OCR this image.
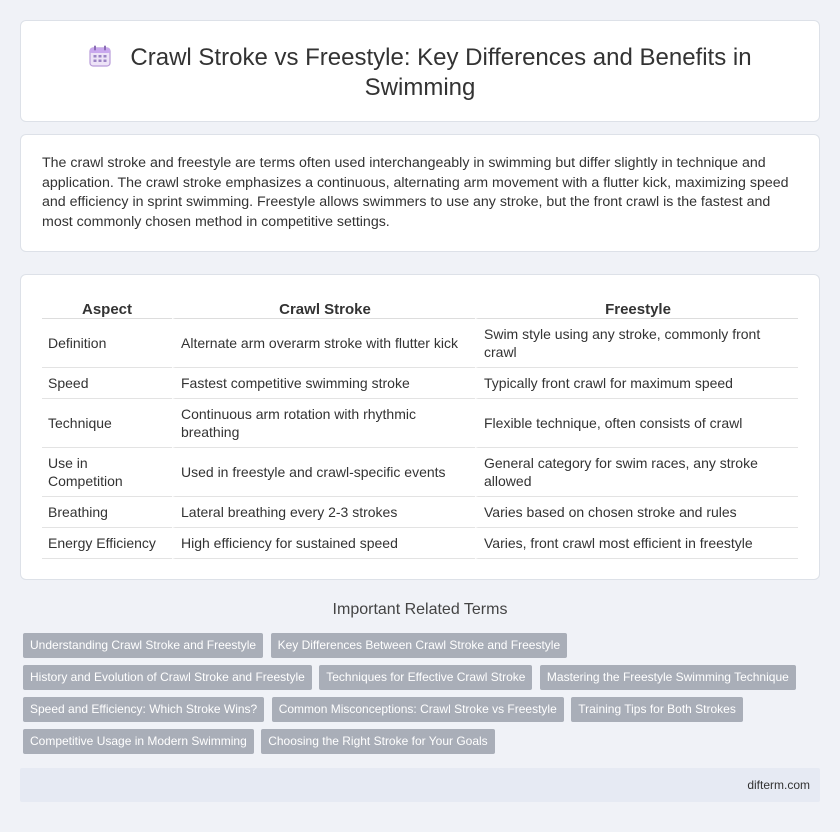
Crawl Stroke vs Freestyle: Key Differences and Benefits in Swimming

The crawl stroke and freestyle are terms often used interchangeably in swimming but differ slightly in technique and application. The crawl stroke emphasizes a continuous, alternating arm movement with a flutter kick, maximizing speed and efficiency in sprint swimming. Freestyle allows swimmers to use any stroke, but the front crawl is the fastest and most commonly chosen method in competitive settings.

Aspect	Crawl Stroke	Freestyle
Definition	Alternate arm overarm stroke with flutter kick	Swim style using any stroke, commonly front crawl
Speed	Fastest competitive swimming stroke	Typically front crawl for maximum speed
Technique	Continuous arm rotation with rhythmic breathing	Flexible technique, often consists of crawl
Use in Competition	Used in freestyle and crawl-specific events	General category for swim races, any stroke allowed
Breathing	Lateral breathing every 2-3 strokes	Varies based on chosen stroke and rules
Energy Efficiency	High efficiency for sustained speed	Varies, front crawl most efficient in freestyle
Important Related Terms
Understanding Crawl Stroke and Freestyle Key Differences Between Crawl Stroke and Freestyle
History and Evolution of Crawl Stroke and Freestyle Techniques for Effective Crawl Stroke Mastering the Freestyle Swimming Technique
Speed and Efficiency: Which Stroke Wins? Common Misconceptions: Crawl Stroke vs Freestyle Training Tips for Both Strokes
Competitive Usage in Modern Swimming Choosing the Right Stroke for Your Goals
difterm.com
